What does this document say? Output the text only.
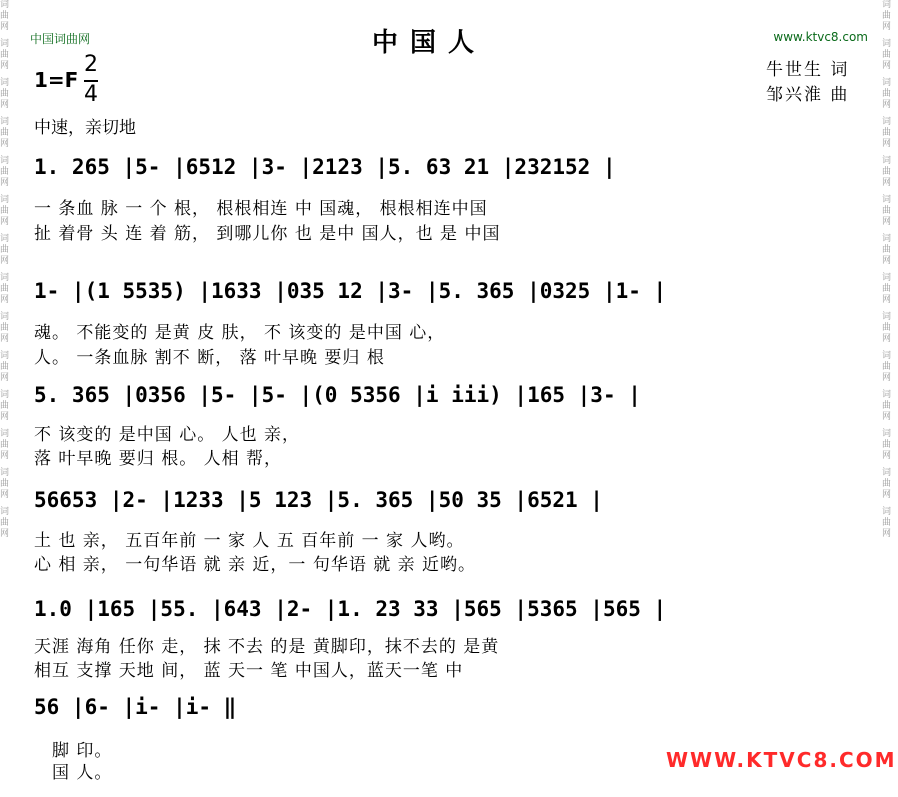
词曲网
词曲网
词曲网
词曲网
词曲网
词曲网
词曲网
词曲网
词曲网
词曲网
词曲网
词曲网
词曲网
词曲网
词曲网
词曲网
词曲网
词曲网
词曲网
词曲网
词曲网
词曲网
词曲网
词曲网
词曲网
词曲网
词曲网
词曲网
中国词曲网	www.ktvc8.com
中国人
牛世生 词
邹兴淮 曲
1=F
2
4
中速，亲切地
1. 265 |5- |6512 |3- |2123 |5. 63 21 |232152 |
一 条血 脉 一 个 根， 根根相连 中 国魂， 根根相连中国
扯 着骨 头 连 着 筋， 到哪儿你 也 是中 国人，也 是 中国
1- |(1 5535) |1633 |035 12 |3- |5. 365 |0325 |1- |
魂。 不能变的 是黄 皮 肤， 不 该变的 是中国 心，
人。 一条血脉 割不 断， 落 叶早晚 要归 根
5. 365 |0356 |5- |5- |(0 5356 |i iii) |165 |3- |
不 该变的 是中国 心。 人也 亲，
落 叶早晚 要归 根。 人相 帮，
56653 |2- |1233 |5 123 |5. 365 |50 35 |6521 |
土 也 亲， 五百年前 一 家 人 五 百年前 一 家 人哟。
心 相 亲， 一句华语 就 亲 近，一 句华语 就 亲 近哟。
1.0 |165 |55. |643 |2- |1. 23 33 |565 |5365 |565 |
天涯 海角 任你 走， 抹 不去 的是 黄脚印，抹不去的 是黄
相互 支撑 天地 间， 蓝 天一 笔 中国人，蓝天一笔 中
56 |6- |i- |i- ‖
脚 印。
国 人。
WWW.KTVC8.COM
